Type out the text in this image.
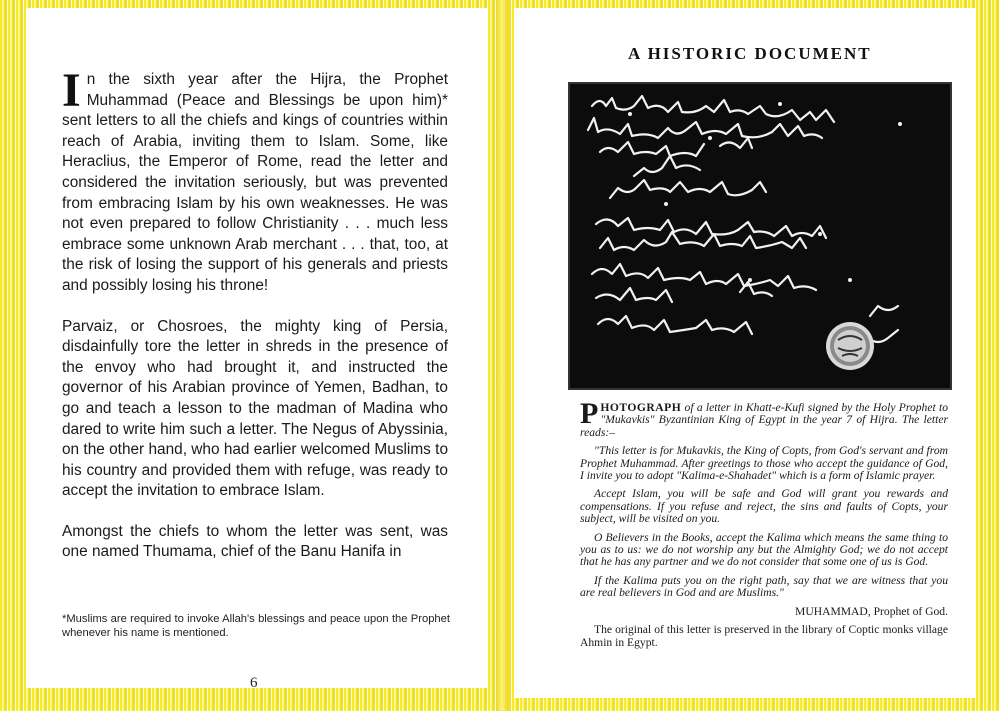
In the sixth year after the Hijra, the Prophet Muhammad (Peace and Blessings be upon him)* sent letters to all the chiefs and kings of countries within reach of Arabia, inviting them to Islam. Some, like Heraclius, the Emperor of Rome, read the letter and considered the invitation seriously, but was prevented from embracing Islam by his own weaknesses. He was not even prepared to follow Christianity . . . much less embrace some unknown Arab merchant . . . that, too, at the risk of losing the support of his generals and priests and possibly losing his throne!

Parvaiz, or Chosroes, the mighty king of Persia, disdainfully tore the letter in shreds in the presence of the envoy who had brought it, and instructed the governor of his Arabian province of Yemen, Badhan, to go and teach a lesson to the madman of Madina who dared to write him such a letter. The Negus of Abyssinia, on the other hand, who had earlier welcomed Muslims to his country and provided them with refuge, was ready to accept the invitation to embrace Islam.

Amongst the chiefs to whom the letter was sent, was one named Thumama, chief of the Banu Hanifa in

*Muslims are required to invoke Allah's blessings and peace upon the Prophet whenever his name is mentioned.
6
A HISTORIC DOCUMENT

PHOTOGRAPH of a letter in Khatt-e-Kufi signed by the Holy Prophet to "Mukavkis" Byzantinian King of Egypt in the year 7 of Hijra. The letter reads:–

"This letter is for Mukavkis, the King of Copts, from God's servant and from Prophet Muhammad. After greetings to those who accept the guidance of God, I invite you to adopt "Kalima-e-Shahadet" which is a form of Islamic prayer.

Accept Islam, you will be safe and God will grant you rewards and compensations. If you refuse and reject, the sins and faults of Copts, your subject, will be visited on you.

O Believers in the Books, accept the Kalima which means the same thing to you as to us: we do not worship any but the Almighty God; we do not accept that he has any partner and we do not consider that some one of us is God.

If the Kalima puts you on the right path, say that we are witness that you are real believers in God and are Muslims."

MUHAMMAD, Prophet of God.

The original of this letter is preserved in the library of Coptic monks village Ahmin in Egypt.
